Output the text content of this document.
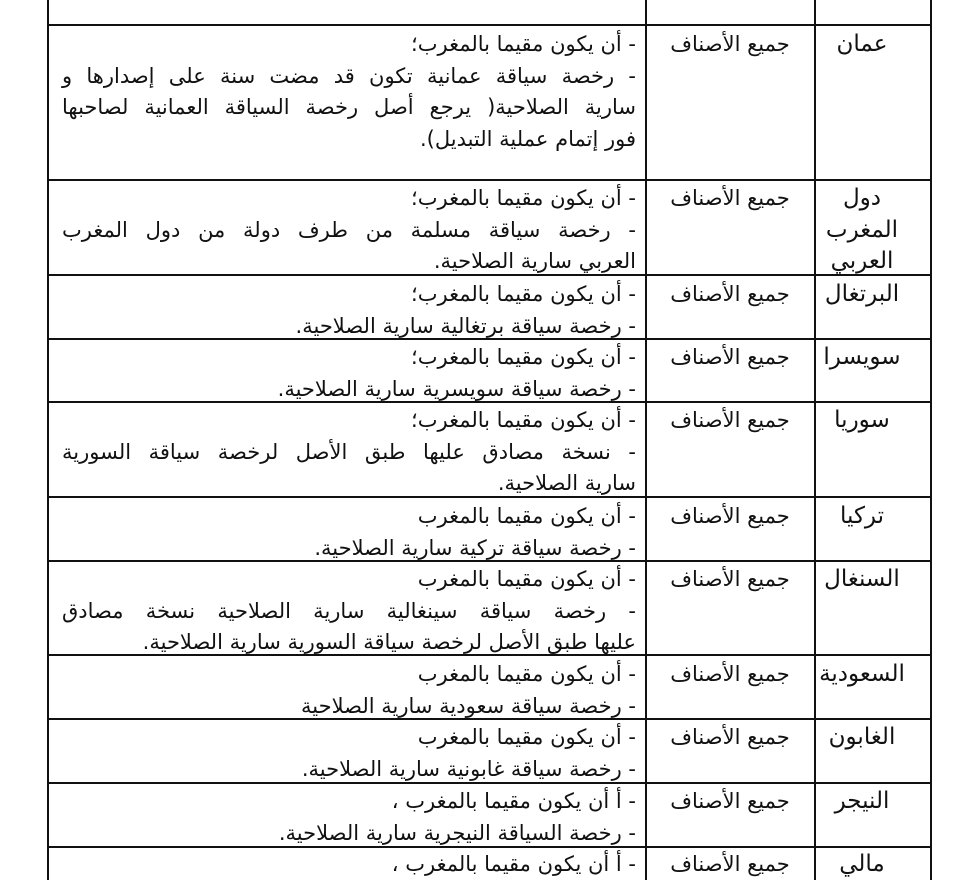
عمان
جميع الأصناف
- أن يكون مقيما بالمغرب؛
- رخصة سياقة عمانية تكون قد مضت سنة على إصدارها و
سارية الصلاحية( يرجع أصل رخصة السياقة العمانية لصاحبها
فور إتمام عملية التبديل).
دول المغرب العربي
جميع الأصناف
- أن يكون مقيما بالمغرب؛
- رخصة سياقة مسلمة من طرف دولة من دول المغرب
العربي سارية الصلاحية.
البرتغال
جميع الأصناف
- أن يكون مقيما بالمغرب؛
- رخصة سياقة برتغالية سارية الصلاحية.
سويسرا
جميع الأصناف
- أن يكون مقيما بالمغرب؛
- رخصة سياقة سويسرية سارية الصلاحية.
سوريا
جميع الأصناف
- أن يكون مقيما بالمغرب؛
- نسخة مصادق عليها طبق الأصل لرخصة سياقة السورية
سارية الصلاحية.
تركيا
جميع الأصناف
- أن يكون مقيما بالمغرب
- رخصة سياقة تركية سارية الصلاحية.
السنغال
جميع الأصناف
- أن يكون مقيما بالمغرب
- رخصة سياقة سينغالية سارية الصلاحية نسخة مصادق
عليها طبق الأصل لرخصة سياقة السورية سارية الصلاحية.
السعودية
جميع الأصناف
- أن يكون مقيما بالمغرب
- رخصة سياقة سعودية سارية الصلاحية
الغابون
جميع الأصناف
- أن يكون مقيما بالمغرب
- رخصة سياقة غابونية سارية الصلاحية.
النيجر
جميع الأصناف
- أ أن يكون مقيما بالمغرب ،
- رخصة السياقة النيجرية سارية الصلاحية.
مالي
جميع الأصناف
- أ أن يكون مقيما بالمغرب ،
